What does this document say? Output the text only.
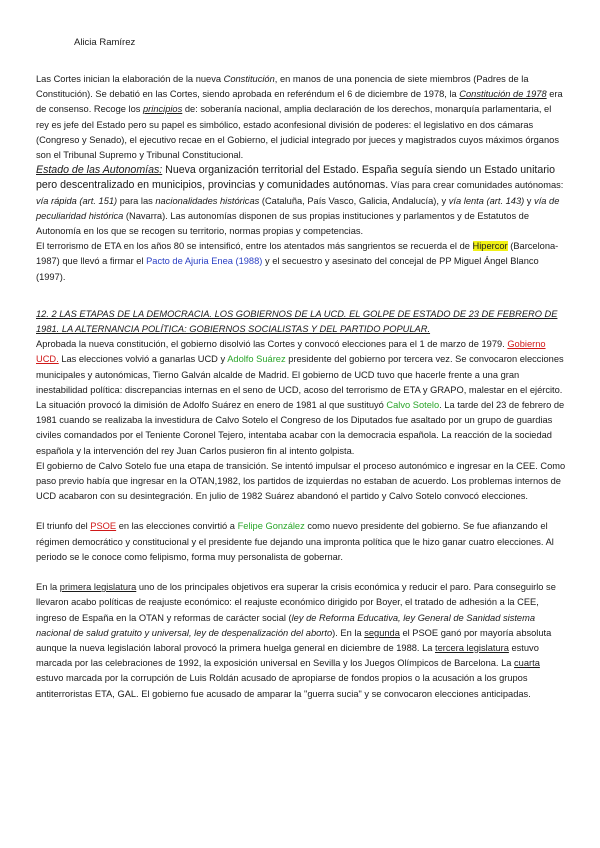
Alicia Ramírez

Las Cortes inician la elaboración de la nueva Constitución, en manos de una ponencia de siete miembros (Padres de la Constitución). Se debatió en las Cortes, siendo aprobada en referéndum el 6 de diciembre de 1978, la Constitución de 1978 era de consenso. Recoge los principios de: soberanía nacional, amplia declaración de los derechos, monarquía parlamentaria, el rey es jefe del Estado pero su papel es simbólico, estado aconfesional división de poderes: el legislativo en dos cámaras (Congreso y Senado), el ejecutivo recae en el Gobierno, el judicial integrado por jueces y magistrados cuyos máximos órganos son el Tribunal Supremo y Tribunal Constitucional.

Estado de las Autonomías: Nueva organización territorial del Estado. España seguía siendo un Estado unitario pero descentralizado en municipios, provincias y comunidades autónomas. Vías para crear comunidades autónomas: vía rápida (art. 151) para las nacionalidades históricas (Cataluña, País Vasco, Galicia, Andalucía), y vía lenta (art. 143) y vía de peculiaridad histórica (Navarra). Las autonomías disponen de sus propias instituciones y parlamentos y de Estatutos de Autonomía en los que se recogen su territorio, normas propias y competencias.

El terrorismo de ETA en los años 80 se intensificó, entre los atentados más sangrientos se recuerda el de Hipercor (Barcelona-1987) que llevó a firmar el Pacto de Ajuria Enea (1988) y el secuestro y asesinato del concejal de PP Miguel Ángel Blanco (1997).

12. 2 LAS ETAPAS DE LA DEMOCRACIA. LOS GOBIERNOS DE LA UCD. EL GOLPE DE ESTADO DE 23 DE FEBRERO DE 1981. LA ALTERNANCIA POLÍTICA: GOBIERNOS SOCIALISTAS Y DEL PARTIDO POPULAR.

Aprobada la nueva constitución, el gobierno disolvió las Cortes y convocó elecciones para el 1 de marzo de 1979. Gobierno UCD. Las elecciones volvió a ganarlas UCD y Adolfo Suárez presidente del gobierno por tercera vez. Se convocaron elecciones municipales y autonómicas, Tierno Galván alcalde de Madrid. El gobierno de UCD tuvo que hacerle frente a una gran inestabilidad política: discrepancias internas en el seno de UCD, acoso del terrorismo de ETA y GRAPO, malestar en el ejército.

La situación provocó la dimisión de Adolfo Suárez en enero de 1981 al que sustituyó Calvo Sotelo. La tarde del 23 de febrero de 1981 cuando se realizaba la investidura de Calvo Sotelo el Congreso de los Diputados fue asaltado por un grupo de guardias civiles comandados por el Teniente Coronel Tejero, intentaba acabar con la democracia española. La reacción de la sociedad española y la intervención del rey Juan Carlos pusieron fin al intento golpista.

El gobierno de Calvo Sotelo fue una etapa de transición. Se intentó impulsar el proceso autonómico e ingresar en la CEE. Como paso previo había que ingresar en la OTAN,1982, los partidos de izquierdas no estaban de acuerdo. Los problemas internos de UCD acabaron con su desintegración. En julio de 1982 Suárez abandonó el partido y Calvo Sotelo convocó elecciones.

El triunfo del PSOE en las elecciones convirtió a Felipe González como nuevo presidente del gobierno. Se fue afianzando el régimen democrático y constitucional y el presidente fue dejando una impronta política que le hizo ganar cuatro elecciones. Al periodo se le conoce como felipismo, forma muy personalista de gobernar.

En la primera legislatura uno de los principales objetivos era superar la crisis económica y reducir el paro. Para conseguirlo se llevaron acabo políticas de reajuste económico: el reajuste económico dirigido por Boyer, el tratado de adhesión a la CEE, ingreso de España en la OTAN y reformas de carácter social (ley de Reforma Educativa, ley General de Sanidad sistema nacional de salud gratuito y universal, ley de despenalización del aborto). En la segunda el PSOE ganó por mayoría absoluta aunque la nueva legislación laboral provocó la primera huelga general en diciembre de 1988. La tercera legislatura estuvo marcada por las celebraciones de 1992, la exposición universal en Sevilla y los Juegos Olímpicos de Barcelona. La cuarta estuvo marcada por la corrupción de Luis Roldán acusado de apropiarse de fondos propios o la acusación a los grupos antiterroristas ETA, GAL. El gobierno fue acusado de amparar la "guerra sucia" y se convocaron elecciones anticipadas.
